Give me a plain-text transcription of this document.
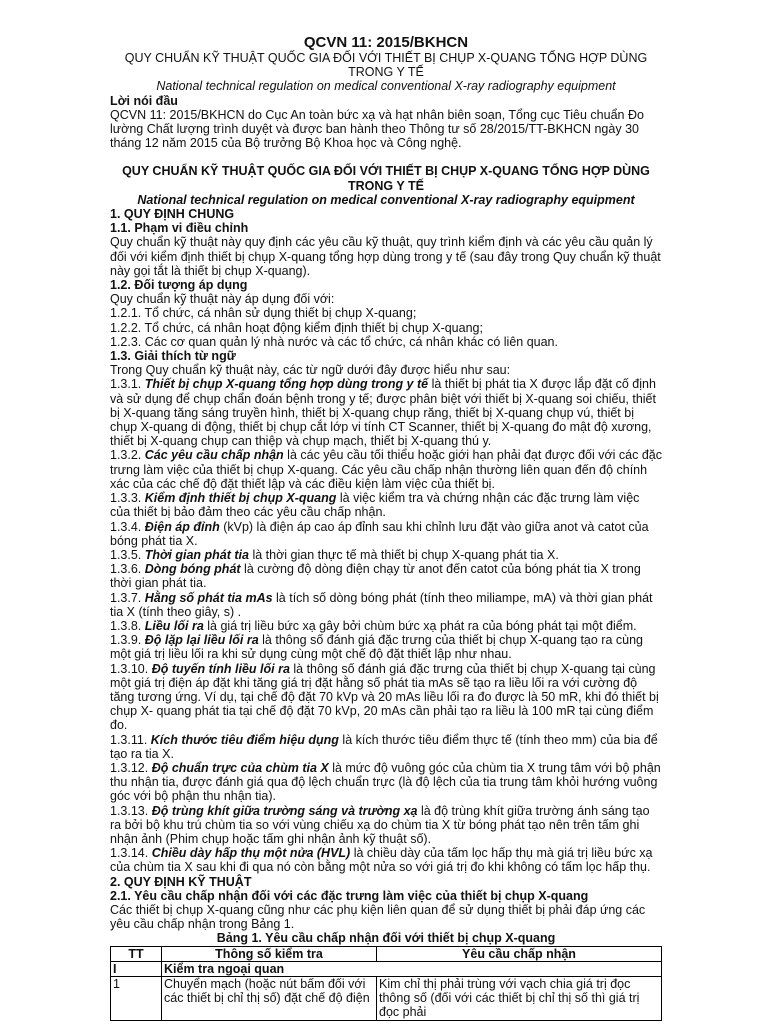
QCVN 11: 2015/BKHCN

QUY CHUẨN KỸ THUẬT QUỐC GIA ĐỐI VỚI THIẾT BỊ CHỤP X-QUANG TỔNG HỢP DÙNG TRONG Y TẾ

National technical regulation on medical conventional X-ray radiography equipment

Lời nói đầu

QCVN 11: 2015/BKHCN do Cục An toàn bức xạ và hạt nhân biên soạn, Tổng cục Tiêu chuẩn Đo lường Chất lượng trình duyệt và được ban hành theo Thông tư số 28/2015/TT-BKHCN ngày 30 tháng 12 năm 2015 của Bộ trưởng Bộ Khoa học và Công nghệ.

QUY CHUẨN KỸ THUẬT QUỐC GIA ĐỐI VỚI THIẾT BỊ CHỤP X-QUANG TỔNG HỢP DÙNG TRONG Y TẾ

National technical regulation on medical conventional X-ray radiography equipment

1. QUY ĐỊNH CHUNG

1.1. Phạm vi điều chỉnh

Quy chuẩn kỹ thuật này quy định các yêu cầu kỹ thuật, quy trình kiểm định và các yêu cầu quản lý đối với kiểm định thiết bị chụp X-quang tổng hợp dùng trong y tế (sau đây trong Quy chuẩn kỹ thuật này gọi tắt là thiết bị chụp X-quang).

1.2. Đối tượng áp dụng

Quy chuẩn kỹ thuật này áp dụng đối với:

1.2.1. Tổ chức, cá nhân sử dụng thiết bị chụp X-quang;

1.2.2. Tổ chức, cá nhân hoạt động kiểm định thiết bị chụp X-quang;

1.2.3. Các cơ quan quản lý nhà nước và các tổ chức, cá nhân khác có liên quan.

1.3. Giải thích từ ngữ

Trong Quy chuẩn kỹ thuật này, các từ ngữ dưới đây được hiểu như sau:

1.3.1. Thiết bị chụp X-quang tổng hợp dùng trong y tế là thiết bị phát tia X được lắp đặt cố định và sử dụng để chụp chẩn đoán bệnh trong y tế; được phân biệt với thiết bị X-quang soi chiếu, thiết bị X-quang tăng sáng truyền hình, thiết bị X-quang chụp răng, thiết bị X-quang chụp vú, thiết bị chụp X-quang di động, thiết bị chụp cắt lớp vi tính CT Scanner, thiết bị X-quang đo mật độ xương, thiết bị X-quang chụp can thiệp và chụp mạch, thiết bị X-quang thú y.

1.3.2. Các yêu cầu chấp nhận là các yêu cầu tối thiểu hoặc giới hạn phải đạt được đối với các đặc trưng làm việc của thiết bị chụp X-quang. Các yêu cầu chấp nhận thường liên quan đến độ chính xác của các chế độ đặt thiết lập và các điều kiện làm việc của thiết bị.

1.3.3. Kiểm định thiết bị chụp X-quang là việc kiểm tra và chứng nhận các đặc trưng làm việc của thiết bị bảo đảm theo các yêu cầu chấp nhận.

1.3.4. Điện áp đỉnh (kVp) là điện áp cao áp đỉnh sau khi chỉnh lưu đặt vào giữa anot và catot của bóng phát tia X.

1.3.5. Thời gian phát tia là thời gian thực tế mà thiết bị chụp X-quang phát tia X.

1.3.6. Dòng bóng phát là cường độ dòng điện chạy từ anot đến catot của bóng phát tia X trong thời gian phát tia.

1.3.7. Hằng số phát tia mAs là tích số dòng bóng phát (tính theo miliampe, mA) và thời gian phát tia X (tính theo giây, s) .

1.3.8. Liều lối ra là giá trị liều bức xạ gây bởi chùm bức xạ phát ra của bóng phát tại một điểm.

1.3.9. Độ lặp lại liều lối ra là thông số đánh giá đặc trưng của thiết bị chụp X-quang tạo ra cùng một giá trị liều lối ra khi sử dụng cùng một chế độ đặt thiết lập như nhau.

1.3.10. Độ tuyến tính liều lối ra là thông số đánh giá đặc trưng của thiết bị chụp X-quang tại cùng một giá trị điện áp đặt khi tăng giá trị đặt hằng số phát tia mAs sẽ tạo ra liều lối ra với cường độ tăng tương ứng. Ví dụ, tại chế độ đặt 70 kVp và 20 mAs liều lối ra đo được là 50 mR, khi đó thiết bị chụp X- quang phát tia tại chế độ đặt 70 kVp, 20 mAs cần phải tạo ra liều là 100 mR tại cùng điểm đo.

1.3.11. Kích thước tiêu điểm hiệu dụng là kích thước tiêu điểm thực tế (tính theo mm) của bia để tạo ra tia X.

1.3.12. Độ chuẩn trực của chùm tia X là mức độ vuông góc của chùm tia X trung tâm với bộ phận thu nhận tia, được đánh giá qua độ lệch chuẩn trực (là độ lệch của tia trung tâm khỏi hướng vuông góc với bộ phận thu nhận tia).

1.3.13. Độ trùng khít giữa trường sáng và trường xạ là độ trùng khít giữa trường ánh sáng tạo ra bởi bộ khu trú chùm tia so với vùng chiếu xạ do chùm tia X từ bóng phát tạo nên trên tấm ghi nhận ảnh (Phim chụp hoặc tấm ghi nhận ảnh kỹ thuật số).

1.3.14. Chiều dày hấp thụ một nửa (HVL) là chiều dày của tấm lọc hấp thụ mà giá trị liều bức xạ của chùm tia X sau khi đi qua nó còn bằng một nửa so với giá trị đo khi không có tấm lọc hấp thụ.

2. QUY ĐỊNH KỸ THUẬT

2.1. Yêu cầu chấp nhận đối với các đặc trưng làm việc của thiết bị chụp X-quang

Các thiết bị chụp X-quang cũng như các phụ kiện liên quan để sử dụng thiết bị phải đáp ứng các yêu cầu chấp nhận trong Bảng 1.

Bảng 1. Yêu cầu chấp nhận đối với thiết bị chụp X-quang

TT	Thông số kiểm tra	Yêu cầu chấp nhận
I	Kiểm tra ngoại quan	
1	Chuyển mạch (hoặc nút bấm đối với các thiết bị chỉ thị số) đặt chế độ điện	Kim chỉ thị phải trùng với vạch chia giá trị đọc thông số (đối với các thiết bị chỉ thị số thì giá trị đọc phải
